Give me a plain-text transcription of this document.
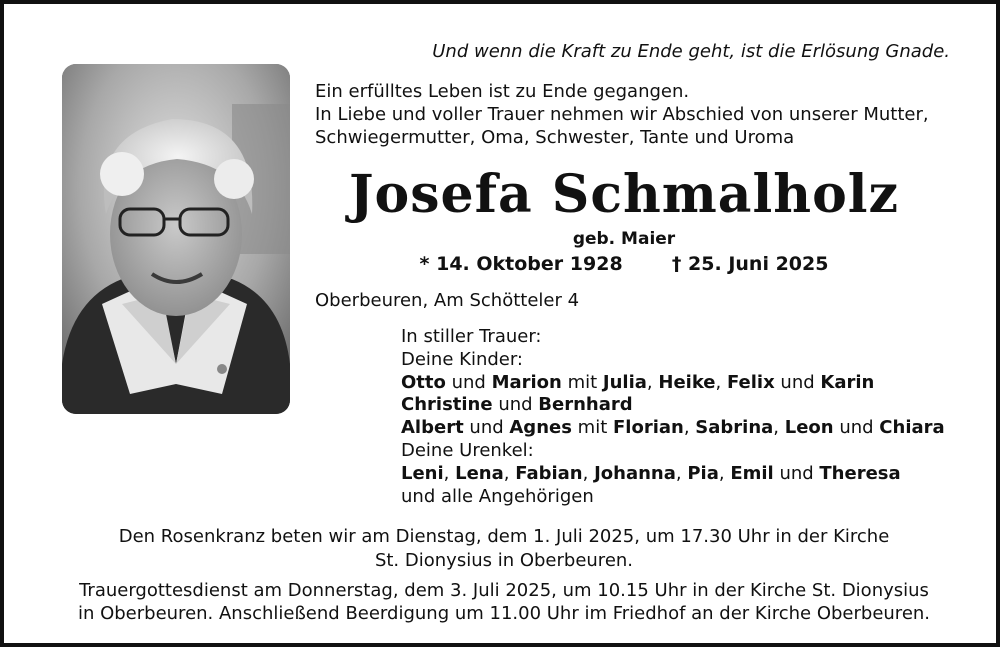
Und wenn die Kraft zu Ende geht, ist die Erlösung Gnade.
Ein erfülltes Leben ist zu Ende gegangen.
In Liebe und voller Trauer nehmen wir Abschied von unserer Mutter,
Schwiegermutter, Oma, Schwester, Tante und Uroma
Josefa Schmalholz
geb. Maier
* 14. Oktober 1928	† 25. Juni 2025
Oberbeuren, Am Schötteler 4
In stiller Trauer:
Deine Kinder:
Otto und Marion mit Julia, Heike, Felix und Karin
Christine und Bernhard
Albert und Agnes mit Florian, Sabrina, Leon und Chiara
Deine Urenkel:
Leni, Lena, Fabian, Johanna, Pia, Emil und Theresa
und alle Angehörigen
Den Rosenkranz beten wir am Dienstag, dem 1. Juli 2025, um 17.30 Uhr in der Kirche
St. Dionysius in Oberbeuren.
Trauergottesdienst am Donnerstag, dem 3. Juli 2025, um 10.15 Uhr in der Kirche St. Dionysius
in Oberbeuren. Anschließend Beerdigung um 11.00 Uhr im Friedhof an der Kirche Oberbeuren.
